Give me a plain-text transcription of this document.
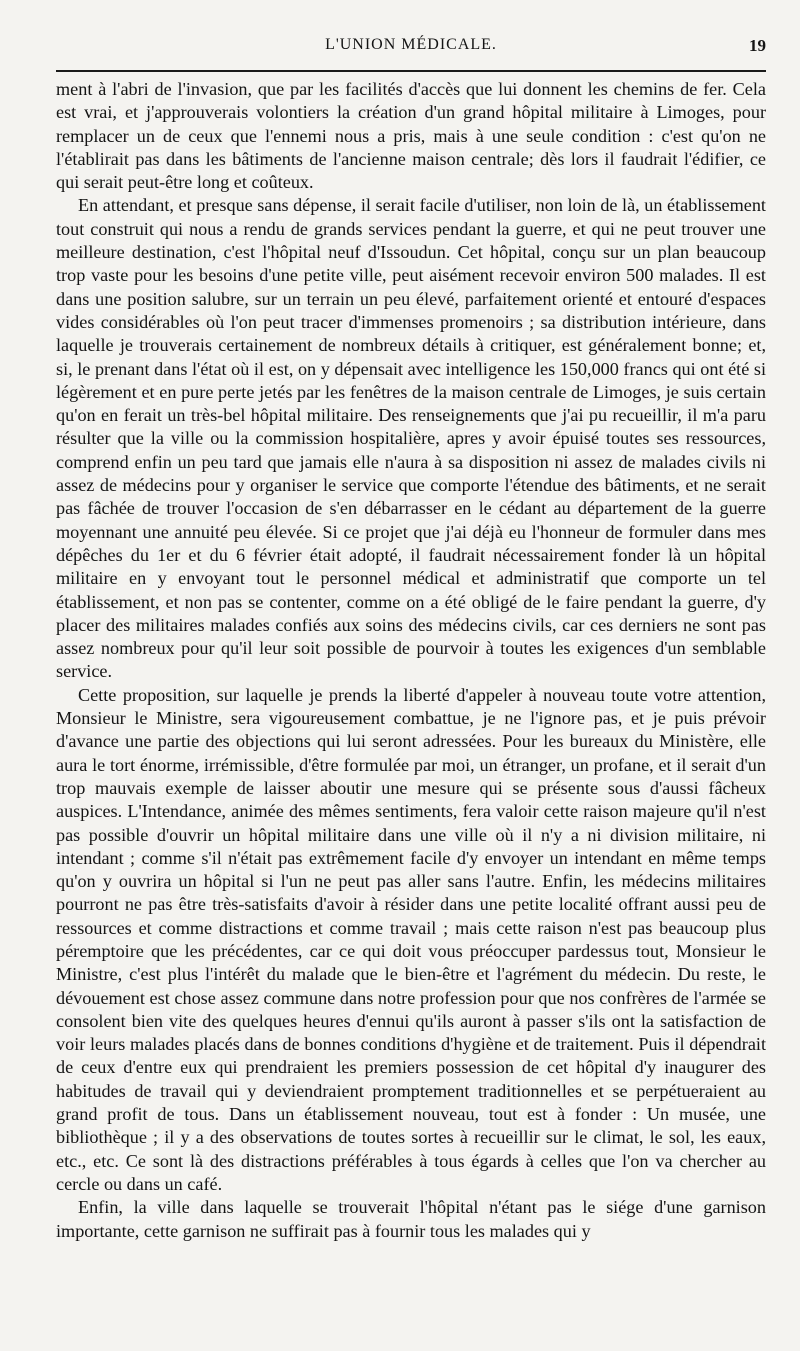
L'UNION MÉDICALE.	19

ment à l'abri de l'invasion, que par les facilités d'accès que lui donnent les chemins de fer. Cela est vrai, et j'approuverais volontiers la création d'un grand hôpital militaire à Limoges, pour remplacer un de ceux que l'ennemi nous a pris, mais à une seule condition : c'est qu'on ne l'établirait pas dans les bâtiments de l'ancienne maison centrale; dès lors il faudrait l'édifier, ce qui serait peut-être long et coûteux.

En attendant, et presque sans dépense, il serait facile d'utiliser, non loin de là, un établissement tout construit qui nous a rendu de grands services pendant la guerre, et qui ne peut trouver une meilleure destination, c'est l'hôpital neuf d'Issoudun. Cet hôpital, conçu sur un plan beaucoup trop vaste pour les besoins d'une petite ville, peut aisément recevoir environ 500 malades. Il est dans une position salubre, sur un terrain un peu élevé, parfaitement orienté et entouré d'espaces vides considérables où l'on peut tracer d'immenses promenoirs ; sa distribution intérieure, dans laquelle je trouverais certainement de nombreux détails à critiquer, est généralement bonne; et, si, le prenant dans l'état où il est, on y dépensait avec intelligence les 150,000 francs qui ont été si légèrement et en pure perte jetés par les fenêtres de la maison centrale de Limoges, je suis certain qu'on en ferait un très-bel hôpital militaire. Des renseignements que j'ai pu recueillir, il m'a paru résulter que la ville ou la commission hospitalière, apres y avoir épuisé toutes ses ressources, comprend enfin un peu tard que jamais elle n'aura à sa disposition ni assez de malades civils ni assez de médecins pour y organiser le service que comporte l'étendue des bâtiments, et ne serait pas fâchée de trouver l'occasion de s'en débarrasser en le cédant au département de la guerre moyennant une annuité peu élevée. Si ce projet que j'ai déjà eu l'honneur de formuler dans mes dépêches du 1er et du 6 février était adopté, il faudrait nécessairement fonder là un hôpital militaire en y envoyant tout le personnel médical et administratif que comporte un tel établissement, et non pas se contenter, comme on a été obligé de le faire pendant la guerre, d'y placer des militaires malades confiés aux soins des médecins civils, car ces derniers ne sont pas assez nombreux pour qu'il leur soit possible de pourvoir à toutes les exigences d'un semblable service.

Cette proposition, sur laquelle je prends la liberté d'appeler à nouveau toute votre attention, Monsieur le Ministre, sera vigoureusement combattue, je ne l'ignore pas, et je puis prévoir d'avance une partie des objections qui lui seront adressées. Pour les bureaux du Ministère, elle aura le tort énorme, irrémissible, d'être formulée par moi, un étranger, un profane, et il serait d'un trop mauvais exemple de laisser aboutir une mesure qui se présente sous d'aussi fâcheux auspices. L'Intendance, animée des mêmes sentiments, fera valoir cette raison majeure qu'il n'est pas possible d'ouvrir un hôpital militaire dans une ville où il n'y a ni division militaire, ni intendant ; comme s'il n'était pas extrêmement facile d'y envoyer un intendant en même temps qu'on y ouvrira un hôpital si l'un ne peut pas aller sans l'autre. Enfin, les médecins militaires pourront ne pas être très-satisfaits d'avoir à résider dans une petite localité offrant aussi peu de ressources et comme distractions et comme travail ; mais cette raison n'est pas beaucoup plus péremptoire que les précédentes, car ce qui doit vous préoccuper pardessus tout, Monsieur le Ministre, c'est plus l'intérêt du malade que le bien-être et l'agrément du médecin. Du reste, le dévouement est chose assez commune dans notre profession pour que nos confrères de l'armée se consolent bien vite des quelques heures d'ennui qu'ils auront à passer s'ils ont la satisfaction de voir leurs malades placés dans de bonnes conditions d'hygiène et de traitement. Puis il dépendrait de ceux d'entre eux qui prendraient les premiers possession de cet hôpital d'y inaugurer des habitudes de travail qui y deviendraient promptement traditionnelles et se perpétueraient au grand profit de tous. Dans un établissement nouveau, tout est à fonder : Un musée, une bibliothèque ; il y a des observations de toutes sortes à recueillir sur le climat, le sol, les eaux, etc., etc. Ce sont là des distractions préférables à tous égards à celles que l'on va chercher au cercle ou dans un café.

Enfin, la ville dans laquelle se trouverait l'hôpital n'étant pas le siége d'une garnison importante, cette garnison ne suffirait pas à fournir tous les malades qui y
